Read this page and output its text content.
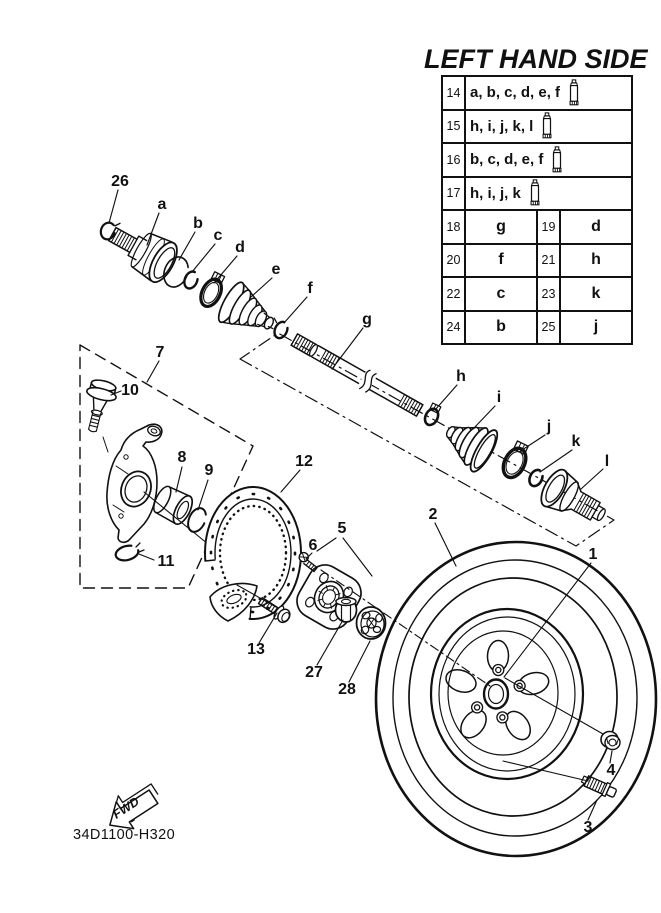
26
a
b
c
d
e
f
g
h
i
j
k
l
7
10
8
9
12
5
6
2
1
11
13
27
28
4
3
LEFT HAND SIDE
14	a, b, c, d, e, f		

15	h, i, j, k, l		

16	b, c, d, e, f		

17	h, i, j, k		

18	g	19	d
20	f	21	h
22	c	23	k
24	b	25	j
FWD
34D1100-H320
